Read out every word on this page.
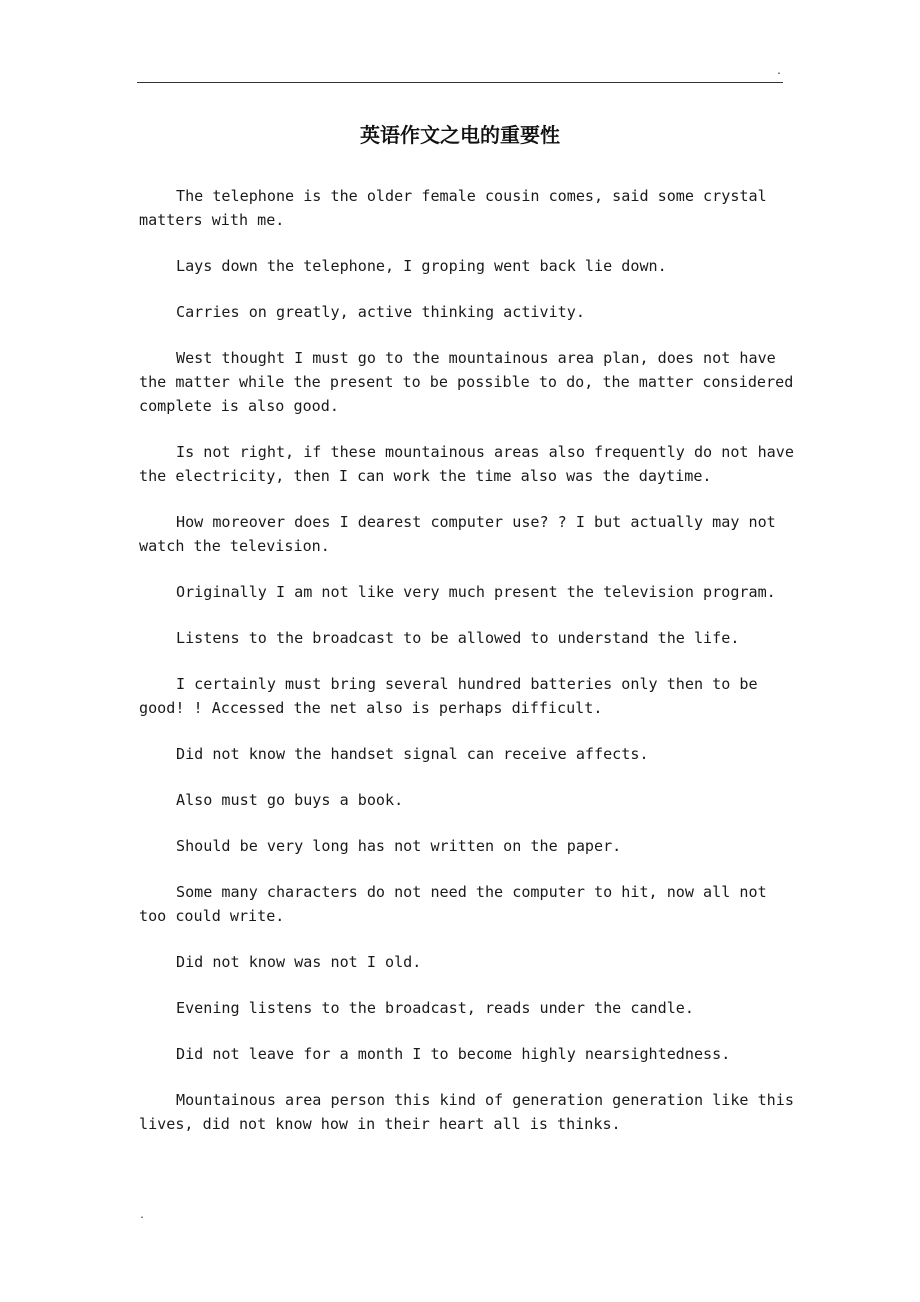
.
英语作文之电的重要性

The telephone is the older female cousin comes, said some crystal matters with me.

Lays down the telephone, I groping went back lie down.

Carries on greatly, active thinking activity.

West thought I must go to the mountainous area plan, does not have the matter while the present to be possible to do, the matter considered complete is also good.

Is not right, if these mountainous areas also frequently do not have the electricity, then I can work the time also was the daytime.

How moreover does I dearest computer use? ? I but actually may not watch the television.

Originally I am not like very much present the television program.

Listens to the broadcast to be allowed to understand the life.

I certainly must bring several hundred batteries only then to be good! ! Accessed the net also is perhaps difficult.

Did not know the handset signal can receive affects.

Also must go buys a book.

Should be very long has not written on the paper.

Some many characters do not need the computer to hit, now all not too could write.

Did not know was not I old.

Evening listens to the broadcast, reads under the candle.

Did not leave for a month I to become highly nearsightedness.

Mountainous area person this kind of generation generation like this lives, did not know how in their heart all is thinks.

.
